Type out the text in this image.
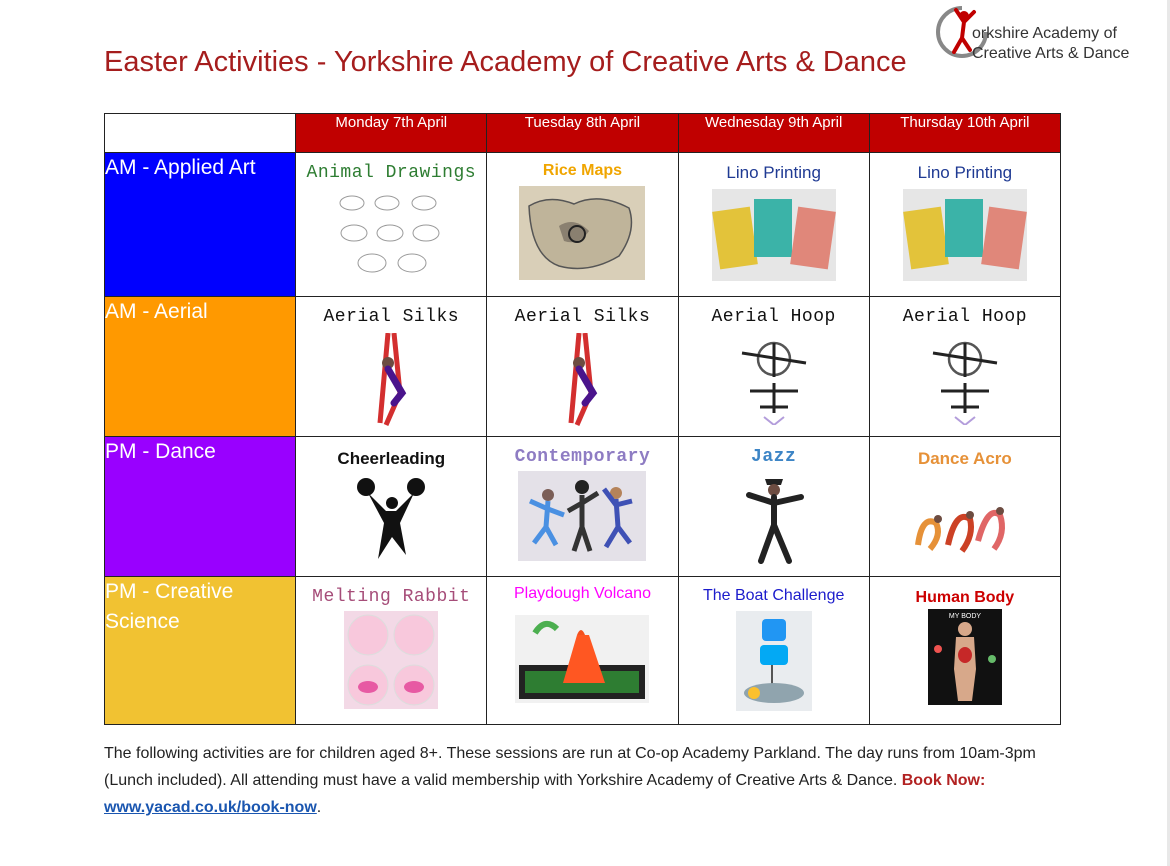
Easter Activities - Yorkshire Academy of Creative Arts & Dance
orkshire Academy of
Creative Arts & Dance
	Monday 7th April	Tuesday 8th April	Wednesday 9th April	Thursday 10th April
AM - Applied Art	Animal Drawings	Rice Maps	Lino Printing	Lino Printing

AM - Aerial	Aerial Silks	Aerial Silks	Aerial Hoop	Aerial Hoop

PM - Dance	Cheerleading	Contemporary	Jazz	Dance Acro

PM - Creative Science	Melting Rabbit	Playdough Volcano	The Boat Challenge	Human Body
MY BODY
The following activities are for children aged 8+. These sessions are run at Co-op Academy Parkland. The day runs from 10am-3pm (Lunch included). All attending must have a valid membership with Yorkshire Academy of Creative Arts & Dance. Book Now: www.yacad.co.uk/book-now.
